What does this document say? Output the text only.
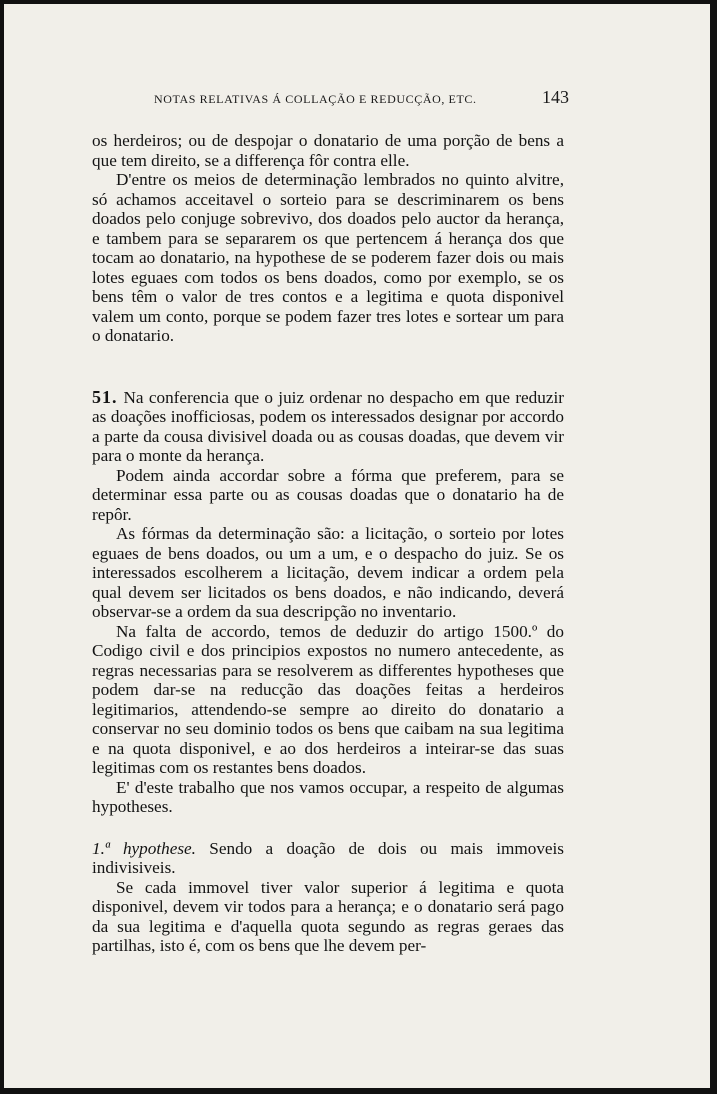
NOTAS RELATIVAS Á COLLAÇÃO E REDUCÇÃO, ETC.	143

os herdeiros; ou de despojar o donatario de uma porção de bens a que tem direito, se a differença fôr contra elle.

D'entre os meios de determinação lembrados no quinto alvitre, só achamos acceitavel o sorteio para se descriminarem os bens doados pelo conjuge sobrevivo, dos doados pelo auctor da herança, e tambem para se separarem os que pertencem á herança dos que tocam ao donatario, na hypothese de se poderem fazer dois ou mais lotes eguaes com todos os bens doados, como por exemplo, se os bens têm o valor de tres contos e a legitima e quota disponivel valem um conto, porque se podem fazer tres lotes e sortear um para o donatario.

51. Na conferencia que o juiz ordenar no despacho em que reduzir as doações inofficiosas, podem os interessados designar por accordo a parte da cousa divisivel doada ou as cousas doadas, que devem vir para o monte da herança.

Podem ainda accordar sobre a fórma que preferem, para se determinar essa parte ou as cousas doadas que o donatario ha de repôr.

As fórmas da determinação são: a licitação, o sorteio por lotes eguaes de bens doados, ou um a um, e o despacho do juiz. Se os interessados escolherem a licitação, devem indicar a ordem pela qual devem ser licitados os bens doados, e não indicando, deverá observar-se a ordem da sua descripção no inventario.

Na falta de accordo, temos de deduzir do artigo 1500.º do Codigo civil e dos principios expostos no numero antecedente, as regras necessarias para se resolverem as differentes hypotheses que podem dar-se na reducção das doações feitas a herdeiros legitimarios, attendendo-se sempre ao direito do donatario a conservar no seu dominio todos os bens que caibam na sua legitima e na quota disponivel, e ao dos herdeiros a inteirar-se das suas legitimas com os restantes bens doados.

E' d'este trabalho que nos vamos occupar, a respeito de algumas hypotheses.

1.ª hypothese. Sendo a doação de dois ou mais immoveis indivisiveis.

Se cada immovel tiver valor superior á legitima e quota disponivel, devem vir todos para a herança; e o donatario será pago da sua legitima e d'aquella quota segundo as regras geraes das partilhas, isto é, com os bens que lhe devem per-
